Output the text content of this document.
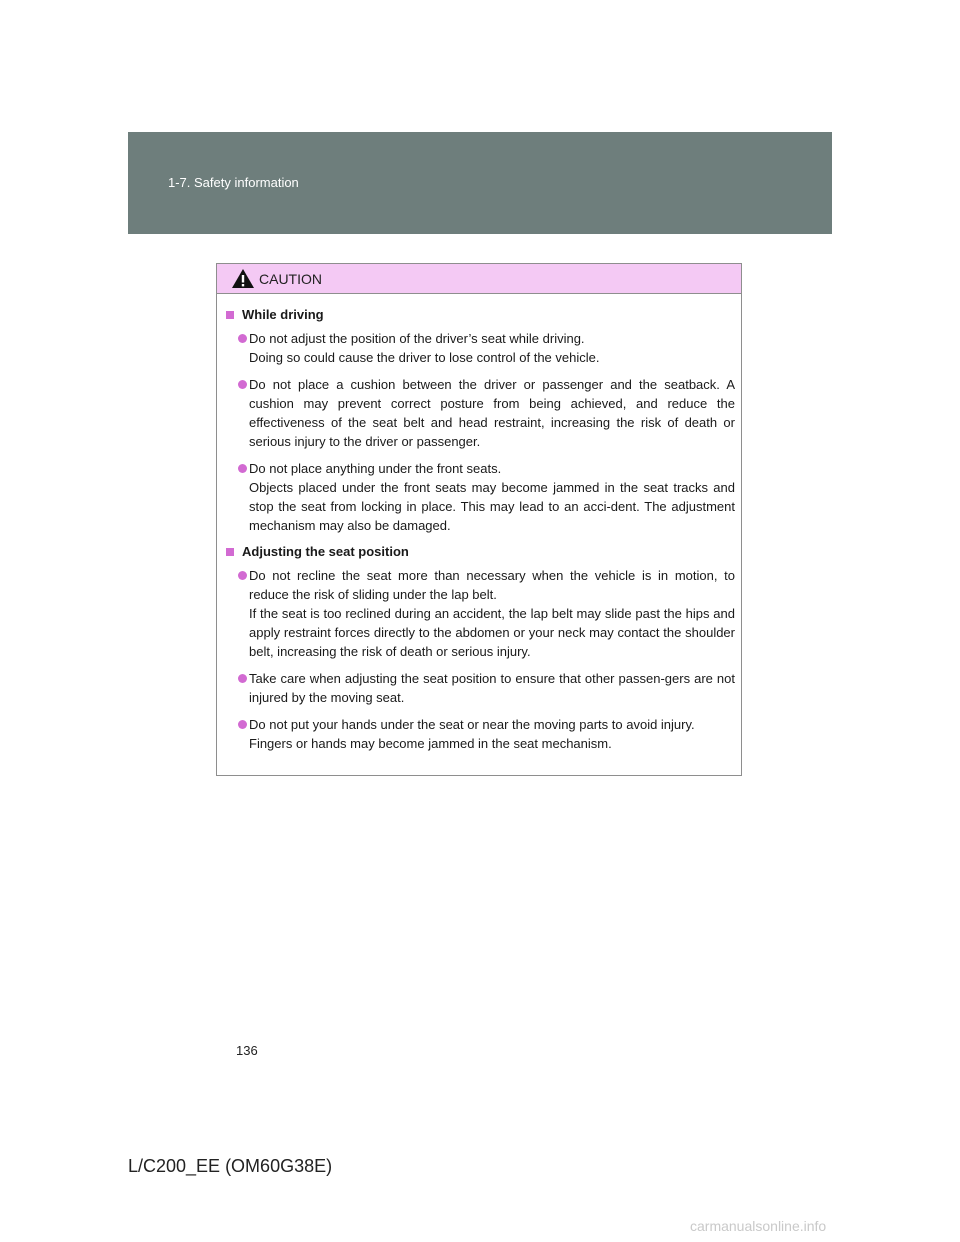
1-7. Safety information
CAUTION
While driving
Do not adjust the position of the driver’s seat while driving.
Doing so could cause the driver to lose control of the vehicle.
Do not place a cushion between the driver or passenger and the seatback. A cushion may prevent correct posture from being achieved, and reduce the effectiveness of the seat belt and head restraint, increasing the risk of death or serious injury to the driver or passenger.
Do not place anything under the front seats.
Objects placed under the front seats may become jammed in the seat tracks and stop the seat from locking in place. This may lead to an acci-dent. The adjustment mechanism may also be damaged.
Adjusting the seat position
Do not recline the seat more than necessary when the vehicle is in motion, to reduce the risk of sliding under the lap belt.
If the seat is too reclined during an accident, the lap belt may slide past the hips and apply restraint forces directly to the abdomen or your neck may contact the shoulder belt, increasing the risk of death or serious injury.
Take care when adjusting the seat position to ensure that other passen-gers are not injured by the moving seat.
Do not put your hands under the seat or near the moving parts to avoid injury.
Fingers or hands may become jammed in the seat mechanism.
136
L/C200_EE (OM60G38E)
carmanualsonline.info
